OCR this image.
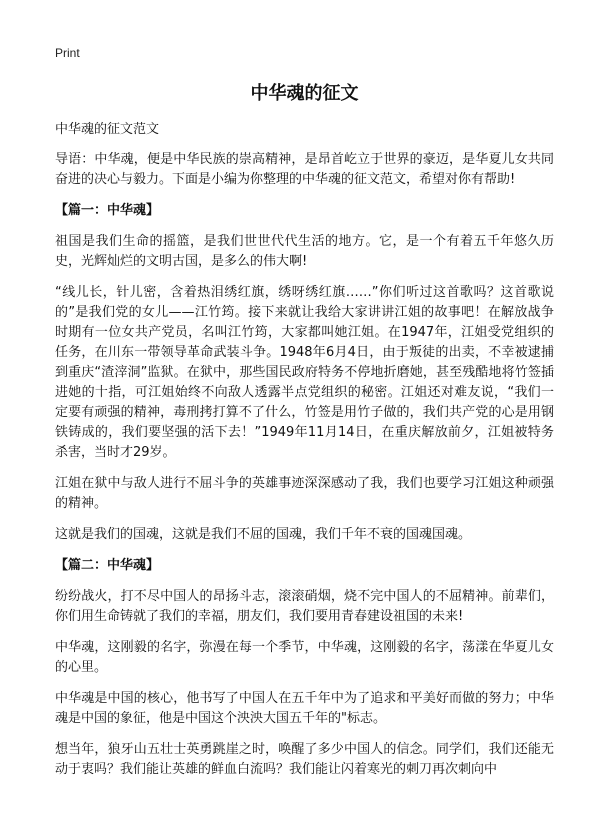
Print
中华魂的征文

中华魂的征文范文

导语：中华魂，便是中华民族的崇高精神，是昂首屹立于世界的豪迈，是华夏儿女共同奋进的决心与毅力。下面是小编为你整理的中华魂的征文范文，希望对你有帮助!

【篇一：中华魂】

祖国是我们生命的摇篮，是我们世世代代生活的地方。它，是一个有着五千年悠久历史，光辉灿烂的文明古国，是多么的伟大啊!

“线儿长，针儿密，含着热泪绣红旗，绣呀绣红旗……”你们听过这首歌吗？这首歌说的”是我们党的女儿——江竹筠。接下来就让我给大家讲讲江姐的故事吧！在解放战争时期有一位女共产党员，名叫江竹筠，大家都叫她江姐。在1947年，江姐受党组织的任务，在川东一带领导革命武装斗争。1948年6月4日，由于叛徒的出卖，不幸被逮捕到重庆“渣滓洞”监狱。在狱中，那些国民政府特务不停地折磨她，甚至残酷地将竹签插进她的十指，可江姐始终不向敌人透露半点党组织的秘密。江姐还对难友说，“我们一定要有顽强的精神，毒刑拷打算不了什么，竹签是用竹子做的，我们共产党的心是用钢铁铸成的，我们要坚强的活下去！”1949年11月14日，在重庆解放前夕，江姐被特务杀害，当时才29岁。

江姐在狱中与敌人进行不屈斗争的英雄事迹深深感动了我，我们也要学习江姐这种顽强的精神。

这就是我们的国魂，这就是我们不屈的国魂，我们千年不衰的国魂国魂。

【篇二：中华魂】

纷纷战火，打不尽中国人的昂扬斗志，滚滚硝烟，烧不完中国人的不屈精神。前辈们，你们用生命铸就了我们的幸福，朋友们，我们要用青春建设祖国的未来!

中华魂，这刚毅的名字，弥漫在每一个季节，中华魂，这刚毅的名字，荡漾在华夏儿女的心里。

中华魂是中国的核心，他书写了中国人在五千年中为了追求和平美好而做的努力；中华魂是中国的象征，他是中国这个泱泱大国五千年的"标志。

想当年，狼牙山五壮士英勇跳崖之时，唤醒了多少中国人的信念。同学们，我们还能无动于衷吗？我们能让英雄的鲜血白流吗？我们能让闪着寒光的刺刀再次刺向中
